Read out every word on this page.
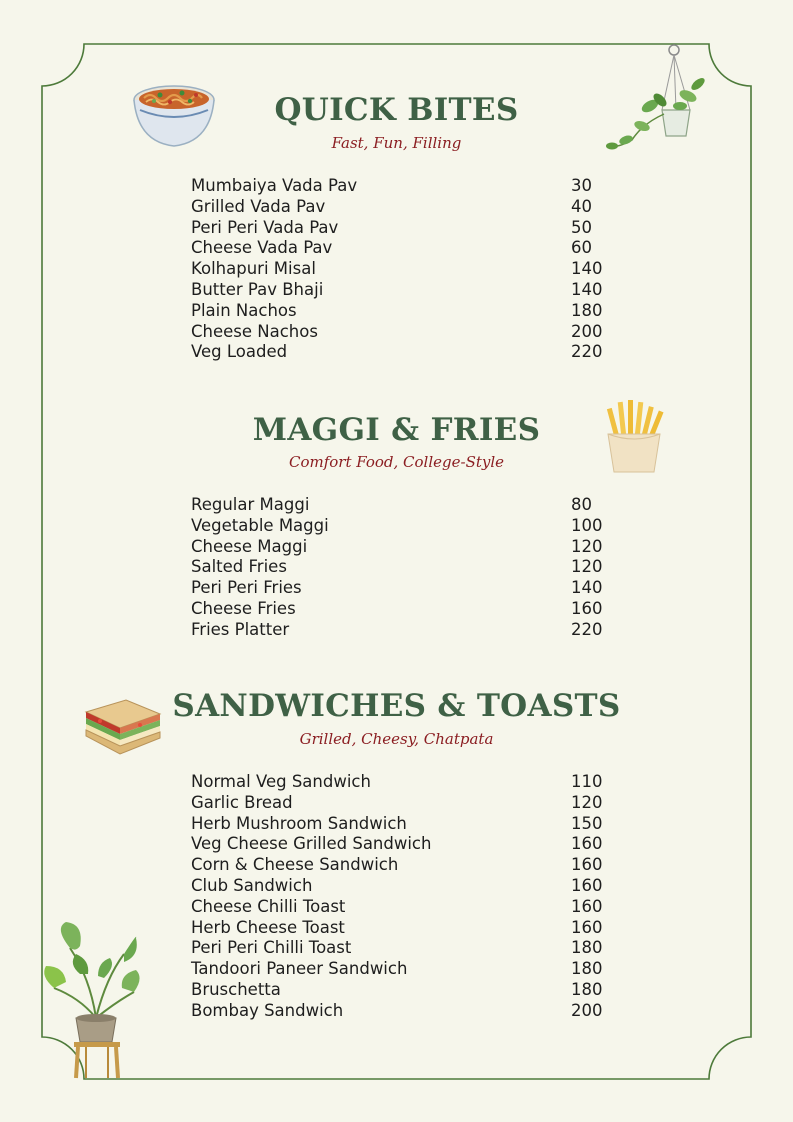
QUICK BITES
Fast, Fun, Filling
Mumbaiya Vada Pav	30
Grilled Vada Pav	40
Peri Peri Vada Pav	50
Cheese Vada Pav	60
Kolhapuri Misal	140
Butter Pav Bhaji	140
Plain Nachos	180
Cheese Nachos	200
Veg Loaded	220
MAGGI & FRIES
Comfort Food, College-Style
Regular Maggi	80
Vegetable Maggi	100
Cheese Maggi	120
Salted Fries	120
Peri Peri Fries	140
Cheese Fries	160
Fries Platter	220
SANDWICHES & TOASTS
Grilled, Cheesy, Chatpata
Normal Veg Sandwich	110
Garlic Bread	120
Herb Mushroom Sandwich	150
Veg Cheese Grilled Sandwich	160
Corn & Cheese Sandwich	160
Club Sandwich	160
Cheese Chilli Toast	160
Herb Cheese Toast	160
Peri Peri Chilli Toast	180
Tandoori Paneer Sandwich	180
Bruschetta	180
Bombay Sandwich	200
